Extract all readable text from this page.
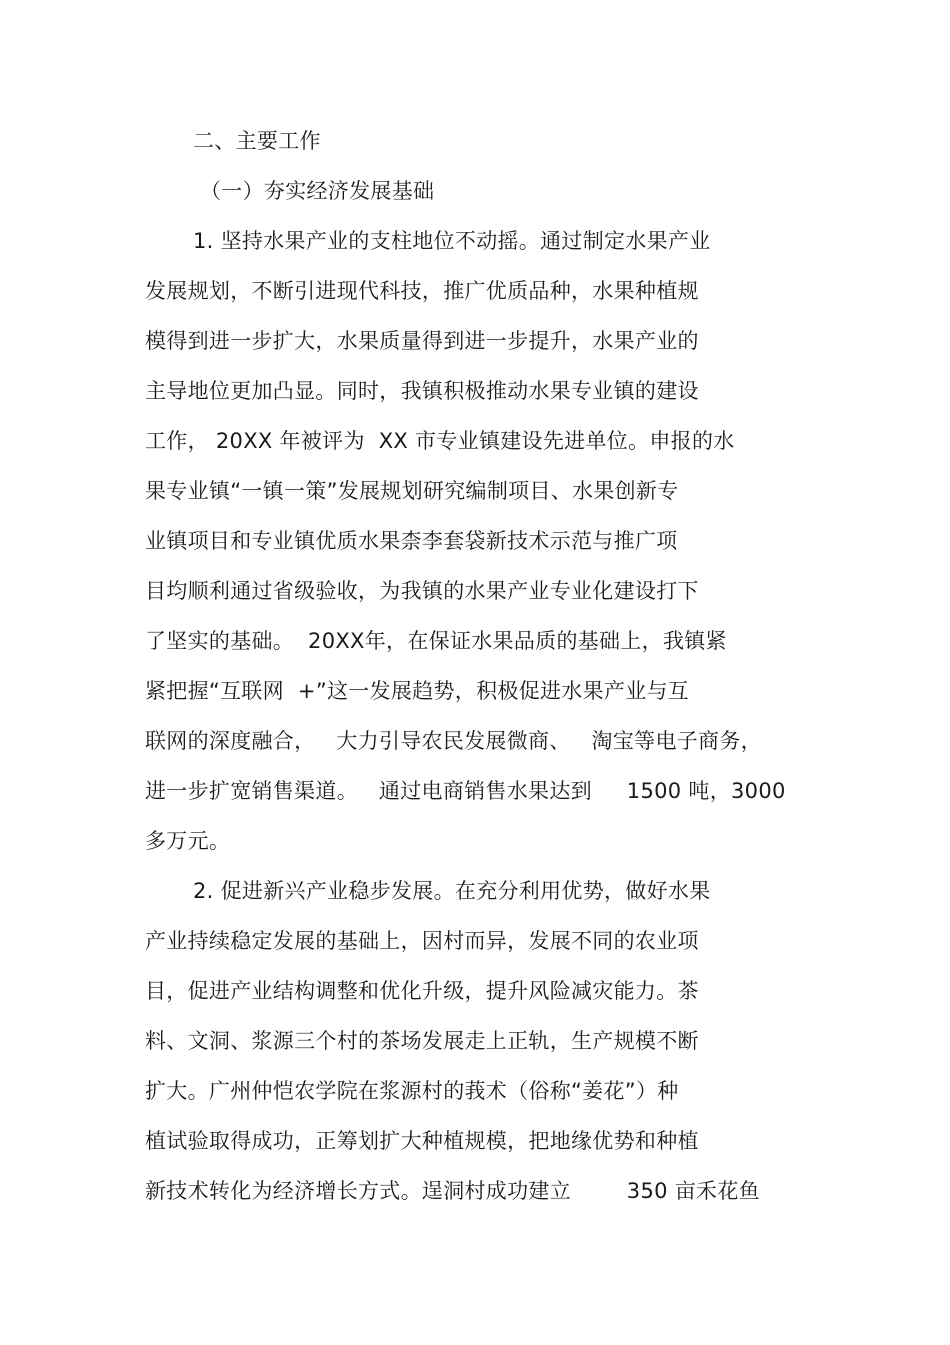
二、主要工作
（一）夯实经济发展基础
1. 坚持水果产业的支柱地位不动摇。通过制定水果产业
发展规划，不断引进现代科技，推广优质品种，水果种植规
模得到进一步扩大，水果质量得到进一步提升，水果产业的
主导地位更加凸显。同时，我镇积极推动水果专业镇的建设
工作， 20XX 年被评为  XX 市专业镇建设先进单位。申报的水
果专业镇“一镇一策”发展规划研究编制项目、水果创新专
业镇项目和专业镇优质水果柰李套袋新技术示范与推广项
目均顺利通过省级验收，为我镇的水果产业专业化建设打下
了坚实的基础。  20XX年，在保证水果品质的基础上，我镇紧
紧把握“互联网  +”这一发展趋势，积极促进水果产业与互
联网的深度融合，   大力引导农民发展微商、   淘宝等电子商务，
进一步扩宽销售渠道。   通过电商销售水果达到     1500 吨，3000
多万元。
2. 促进新兴产业稳步发展。在充分利用优势，做好水果
产业持续稳定发展的基础上，因村而异，发展不同的农业项
目，促进产业结构调整和优化升级，提升风险减灾能力。茶
料、文洞、浆源三个村的茶场发展走上正轨，生产规模不断
扩大。广州仲恺农学院在浆源村的莪术（俗称“姜花”）种
植试验取得成功，正筹划扩大种植规模，把地缘优势和种植
新技术转化为经济增长方式。逞洞村成功建立        350 亩禾花鱼
